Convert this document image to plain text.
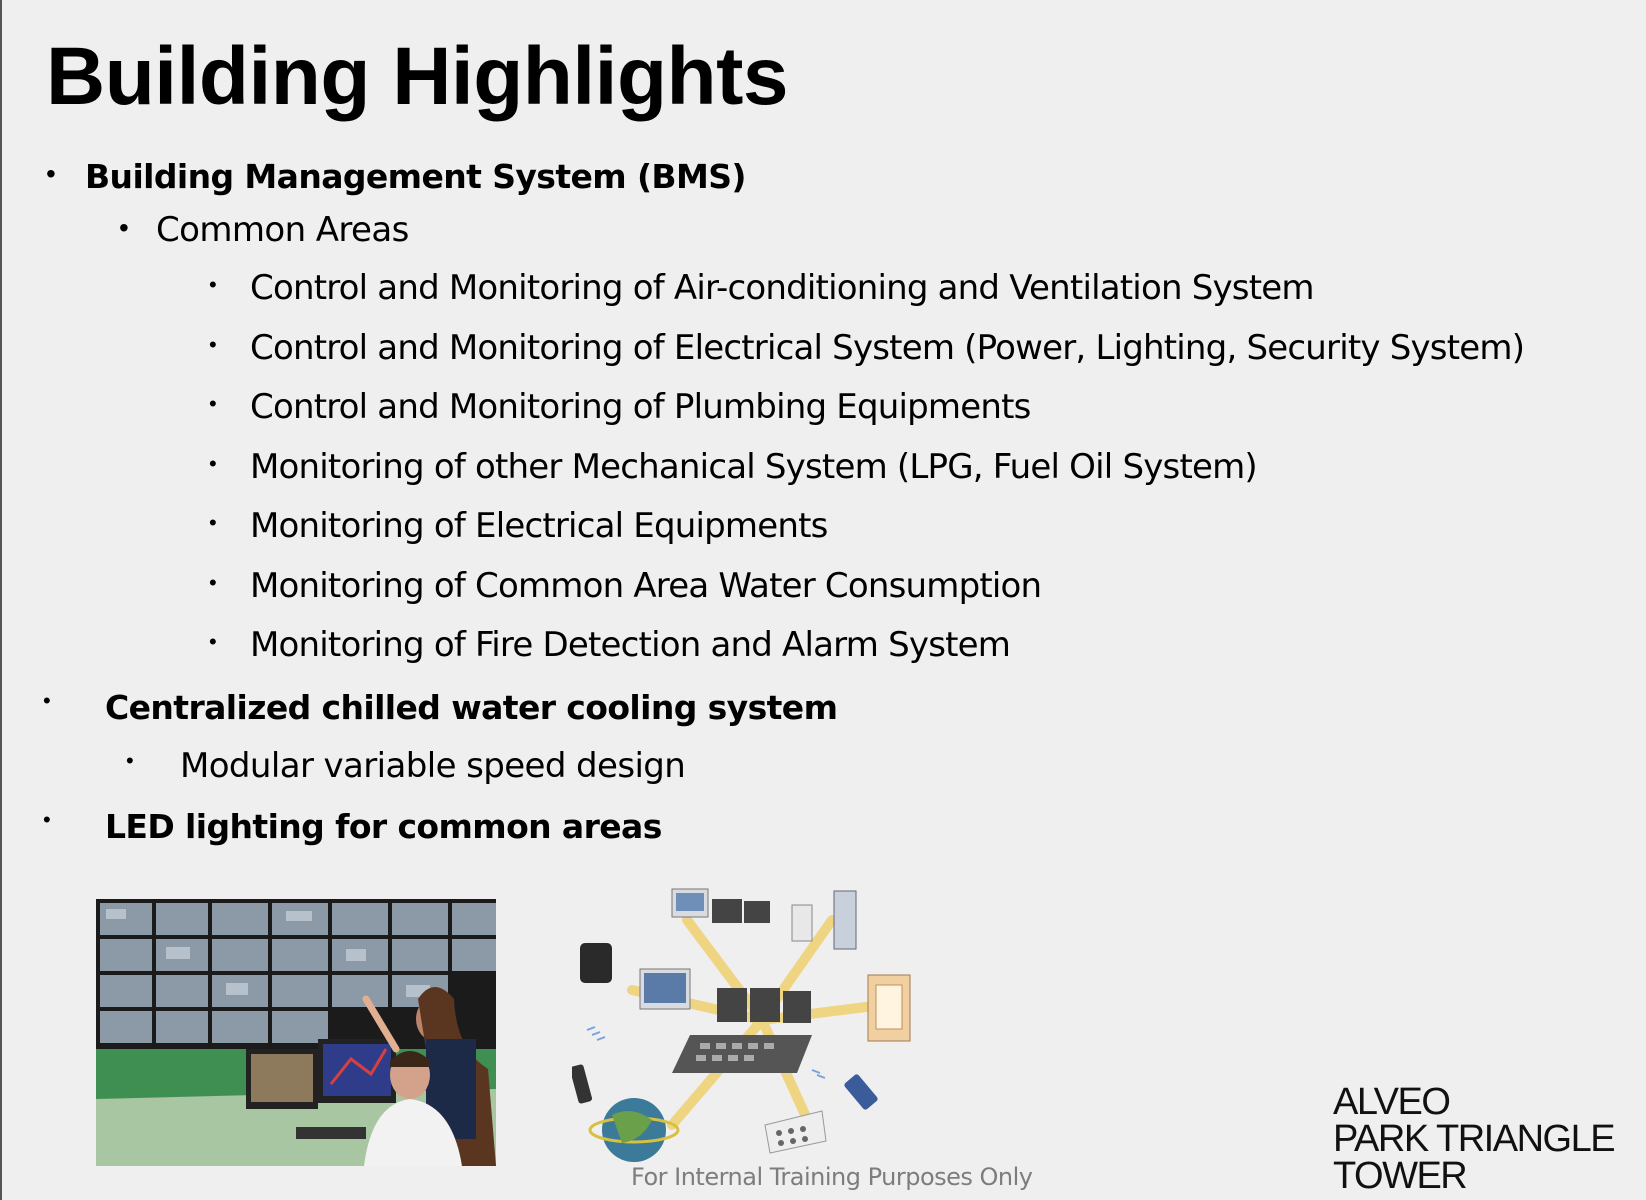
Building Highlights
• Building Management System (BMS)
• Common Areas
• Control and Monitoring of Air-conditioning and Ventilation System
• Control and Monitoring of Electrical System (Power, Lighting, Security System)
• Control and Monitoring of Plumbing Equipments
• Monitoring of other Mechanical System (LPG, Fuel Oil System)
• Monitoring of Electrical Equipments
• Monitoring of Common Area Water Consumption
• Monitoring of Fire Detection and Alarm System
• Centralized chilled water cooling system
• Modular variable speed design
• LED lighting for common areas
For Internal Training Purposes Only
ALVEO
PARK TRIANGLE
TOWER
